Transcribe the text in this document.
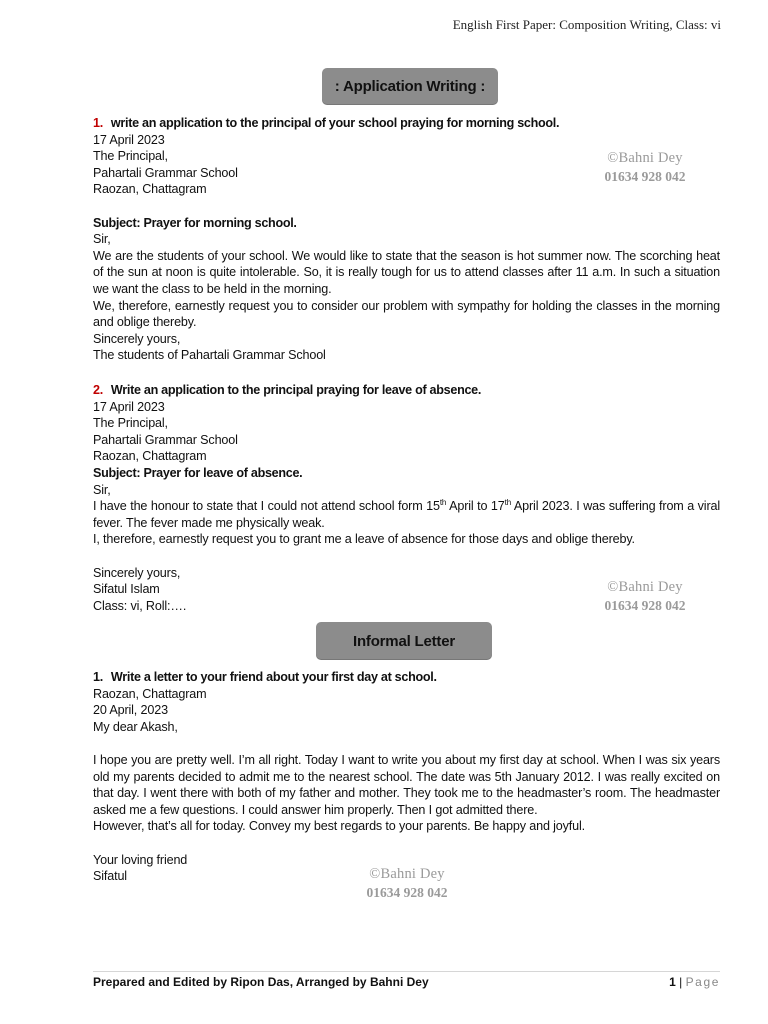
English First Paper: Composition Writing, Class: vi
: Application Writing :
1. write an application to the principal of your school praying for morning school.
17 April 2023
The Principal,
Pahartali Grammar School
Raozan, Chattagram
Subject: Prayer for morning school.
Sir,
We are the students of your school. We would like to state that the season is hot summer now. The scorching heat of the sun at noon is quite intolerable. So, it is really tough for us to attend classes after 11 a.m. In such a situation we want the class to be held in the morning.
We, therefore, earnestly request you to consider our problem with sympathy for holding the classes in the morning and oblige thereby.
Sincerely yours,
The students of Pahartali Grammar School
©Bahni Dey
01634 928 042
2. Write an application to the principal praying for leave of absence.
17 April 2023
The Principal,
Pahartali Grammar School
Raozan, Chattagram
Subject: Prayer for leave of absence.
Sir,
I have the honour to state that I could not attend school form 15th April to 17th April 2023. I was suffering from a viral fever. The fever made me physically weak.
I, therefore, earnestly request you to grant me a leave of absence for those days and oblige thereby.
Sincerely yours,
Sifatul Islam
Class: vi, Roll:….
©Bahni Dey
01634 928 042
Informal Letter
1. Write a letter to your friend about your first day at school.
Raozan, Chattagram
20 April, 2023
My dear Akash,
I hope you are pretty well. I’m all right. Today I want to write you about my first day at school. When I was six years old my parents decided to admit me to the nearest school. The date was 5th January 2012. I was really excited on that day. I went there with both of my father and mother. They took me to the headmaster’s room. The headmaster asked me a few questions. I could answer him properly. Then I got admitted there.
However, that’s all for today. Convey my best regards to your parents. Be happy and joyful.
Your loving friend
Sifatul	©Bahni Dey
01634 928 042
Prepared and Edited by Ripon Das, Arranged by Bahni Dey	1 | Page
